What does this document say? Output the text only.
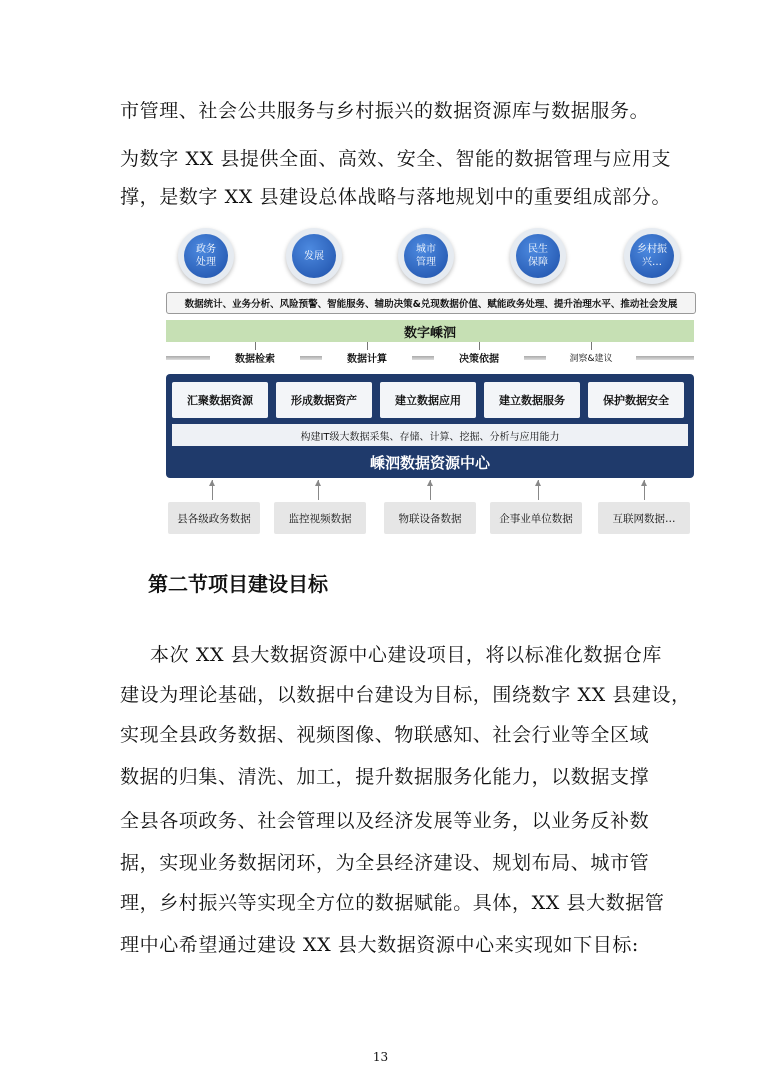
市管理、社会公共服务与乡村振兴的数据资源库与数据服务。
为数字 XX 县提供全面、高效、安全、智能的数据管理与应用支
撑，是数字 XX 县建设总体战略与落地规划中的重要组成部分。
政务
处理
发展
城市
管理
民生
保障
乡村振
兴…
数据统计、业务分析、风险预警、智能服务、辅助决策&兑现数据价值、赋能政务处理、提升治理水平、推动社会发展
数字嵊泗
数据检索	数据计算	决策依据	洞察&建议
汇聚数据资源	形成数据资产	建立数据应用	建立数据服务	保护数据安全
构建IT级大数据采集、存储、计算、挖掘、分析与应用能力
嵊泗数据资源中心
县各级政务数据	监控视频数据	物联设备数据	企事业单位数据	互联网数据…
第二节项目建设目标
本次 XX 县大数据资源中心建设项目，将以标准化数据仓库
建设为理论基础，以数据中台建设为目标，围绕数字 XX 县建设，
实现全县政务数据、视频图像、物联感知、社会行业等全区域
数据的归集、清洗、加工，提升数据服务化能力，以数据支撑
全县各项政务、社会管理以及经济发展等业务，以业务反补数
据，实现业务数据闭环，为全县经济建设、规划布局、城市管
理，乡村振兴等实现全方位的数据赋能。具体，XX 县大数据管
理中心希望通过建设 XX 县大数据资源中心来实现如下目标:
13
